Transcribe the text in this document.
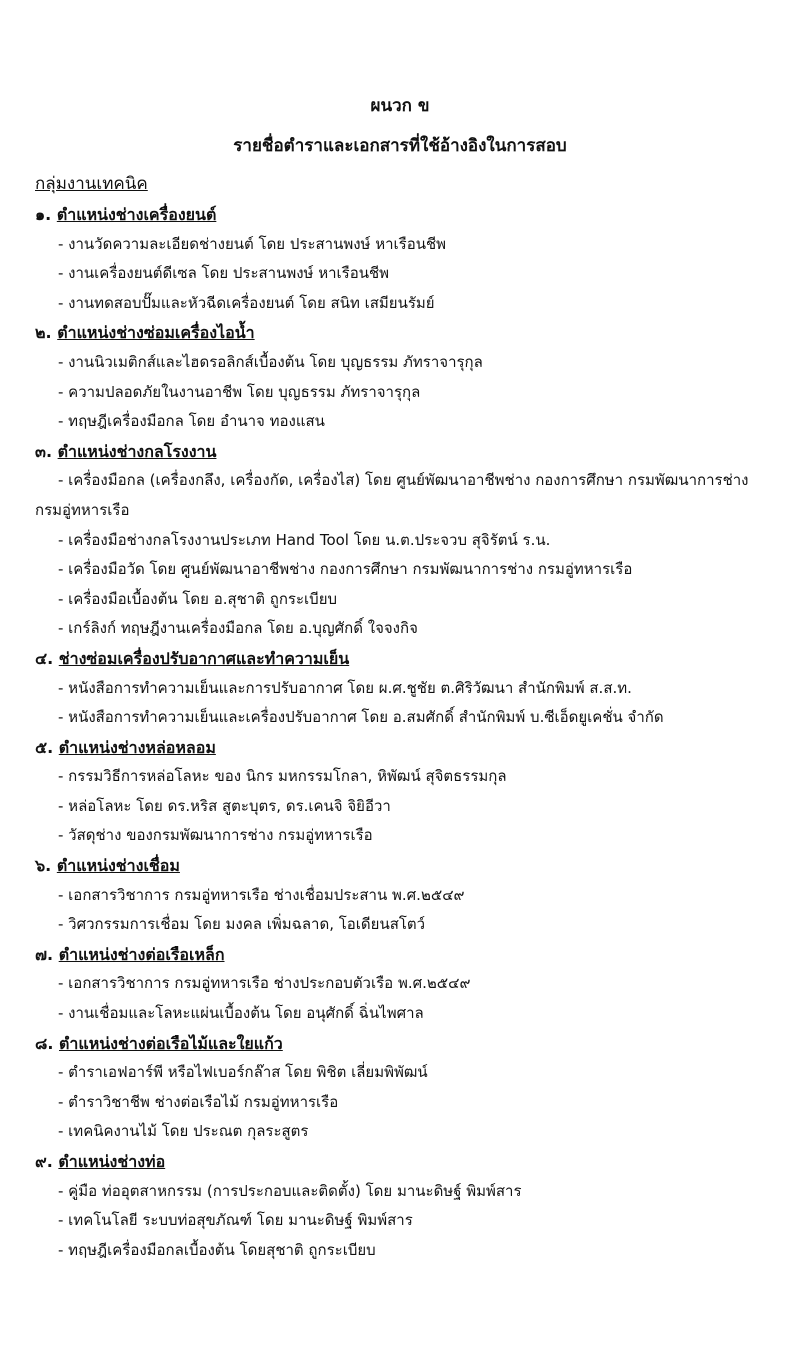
ผนวก ข
รายชื่อตำราและเอกสารที่ใช้อ้างอิงในการสอบ
กลุ่มงานเทคนิค
๑. ตำแหน่งช่างเครื่องยนต์
- งานวัดความละเอียดช่างยนต์ โดย ประสานพงษ์ หาเรือนชีพ
- งานเครื่องยนต์ดีเซล โดย ประสานพงษ์ หาเรือนชีพ
- งานทดสอบปั๊มและหัวฉีดเครื่องยนต์ โดย สนิท เสมียนรัมย์
๒. ตำแหน่งช่างซ่อมเครื่องไอน้ำ
- งานนิวเมติกส์และไฮดรอลิกส์เบื้องต้น โดย บุญธรรม ภัทราจารุกุล
- ความปลอดภัยในงานอาชีพ โดย บุญธรรม ภัทราจารุกุล
- ทฤษฎีเครื่องมือกล โดย อำนาจ ทองแสน
๓. ตำแหน่งช่างกลโรงงาน
- เครื่องมือกล (เครื่องกลึง, เครื่องกัด, เครื่องไส) โดย ศูนย์พัฒนาอาชีพช่าง กองการศึกษา กรมพัฒนาการช่าง
กรมอู่ทหารเรือ
- เครื่องมือช่างกลโรงงานประเภท Hand Tool โดย น.ต.ประจวบ สุจิรัตน์ ร.น.
- เครื่องมือวัด โดย ศูนย์พัฒนาอาชีพช่าง กองการศึกษา กรมพัฒนาการช่าง กรมอู่ทหารเรือ
- เครื่องมือเบื้องต้น โดย อ.สุชาติ ถูกระเบียบ
- เกร์ลิงก์ ทฤษฎีงานเครื่องมือกล โดย อ.บุญศักดิ์ ใจจงกิจ
๔. ช่างซ่อมเครื่องปรับอากาศและทำความเย็น
- หนังสือการทำความเย็นและการปรับอากาศ โดย ผ.ศ.ชูชัย ต.ศิริวัฒนา สำนักพิมพ์ ส.ส.ท.
- หนังสือการทำความเย็นและเครื่องปรับอากาศ โดย อ.สมศักดิ์ สำนักพิมพ์ บ.ซีเอ็ดยูเคชั่น จำกัด
๕. ตำแหน่งช่างหล่อหลอม
- กรรมวิธีการหล่อโลหะ ของ นิกร มหกรรมโกลา, หิพัฒน์ สุจิตธรรมกุล
- หล่อโลหะ โดย ดร.หริส สูตะบุตร, ดร.เคนจิ จิยิอีวา
- วัสดุช่าง ของกรมพัฒนาการช่าง กรมอู่ทหารเรือ
๖. ตำแหน่งช่างเชื่อม
- เอกสารวิชาการ กรมอู่ทหารเรือ ช่างเชื่อมประสาน พ.ศ.๒๕๔๙
- วิศวกรรมการเชื่อม โดย มงคล เพิ่มฉลาด, โอเดียนสโตว์
๗. ตำแหน่งช่างต่อเรือเหล็ก
- เอกสารวิชาการ กรมอู่ทหารเรือ ช่างประกอบตัวเรือ พ.ศ.๒๕๔๙
- งานเชื่อมและโลหะแผ่นเบื้องต้น โดย อนุศักดิ์ ฉิ่นไพศาล
๘. ตำแหน่งช่างต่อเรือไม้และใยแก้ว
- ตำราเอฟอาร์พี หรือไฟเบอร์กล๊าส โดย พิชิต เลี่ยมพิพัฒน์
- ตำราวิชาชีพ ช่างต่อเรือไม้ กรมอู่ทหารเรือ
- เทคนิคงานไม้ โดย ประณต กุลระสูตร
๙. ตำแหน่งช่างท่อ
- คู่มือ ท่ออุตสาหกรรม (การประกอบและติดตั้ง) โดย มานะดิษฐ์ พิมพ์สาร
- เทคโนโลยี ระบบท่อสุขภัณฑ์ โดย มานะดิษฐ์ พิมพ์สาร
- ทฤษฎีเครื่องมือกลเบื้องต้น โดยสุชาติ ถูกระเบียบ
